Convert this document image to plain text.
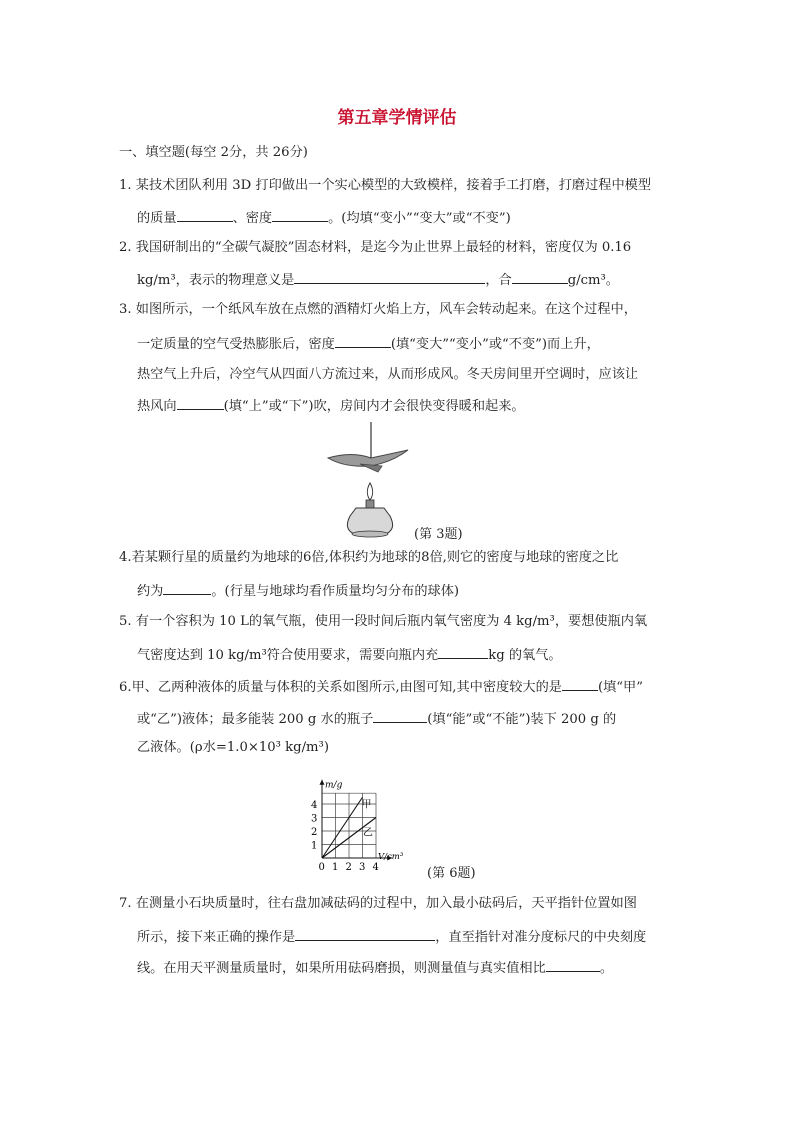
第五章学情评估
一、填空题(每空 2分，共 26分)
1. 某技术团队利用 3D 打印做出一个实心模型的大致模样，接着手工打磨，打磨过程中模型
的质量	、密度	。(均填“变小”“变大”或“不变”)
2. 我国研制出的“全碳气凝胶”固态材料，是迄今为止世界上最轻的材料，密度仅为 0.16
kg/m³，表示的物理意义是	，合	g/cm³。
3. 如图所示，一个纸风车放在点燃的酒精灯火焰上方，风车会转动起来。在这个过程中，
一定质量的空气受热膨胀后，密度	(填“变大”“变小”或“不变”)而上升，
热空气上升后，冷空气从四面八方流过来，从而形成风。冬天房间里开空调时，应该让
热风向	(填“上”或“下”)吹，房间内才会很快变得暖和起来。
(第 3题)
4.若某颗行星的质量约为地球的6倍,体积约为地球的8倍,则它的密度与地球的密度之比
约为	。(行星与地球均看作质量均匀分布的球体)
5. 有一个容积为 10 L的氧气瓶，使用一段时间后瓶内氧气密度为 4 kg/m³，要想使瓶内氧
气密度达到 10 kg/m³符合使用要求，需要向瓶内充	kg 的氧气。
6.甲、乙两种液体的质量与体积的关系如图所示,由图可知,其中密度较大的是	(填“甲”
或“乙”)液体；最多能装 200 g 水的瓶子	(填“能”或“不能”)装下 200 g 的
乙液体。(ρ水=1.0×10³ kg/m³)
0 1 2 3 4
1
2
3
4
m/g
V/cm³
甲
乙
(第 6题)
7. 在测量小石块质量时，往右盘加减砝码的过程中，加入最小砝码后，天平指针位置如图
所示，接下来正确的操作是	，直至指针对准分度标尺的中央刻度
线。在用天平测量质量时，如果所用砝码磨损，则测量值与真实值相比	。
